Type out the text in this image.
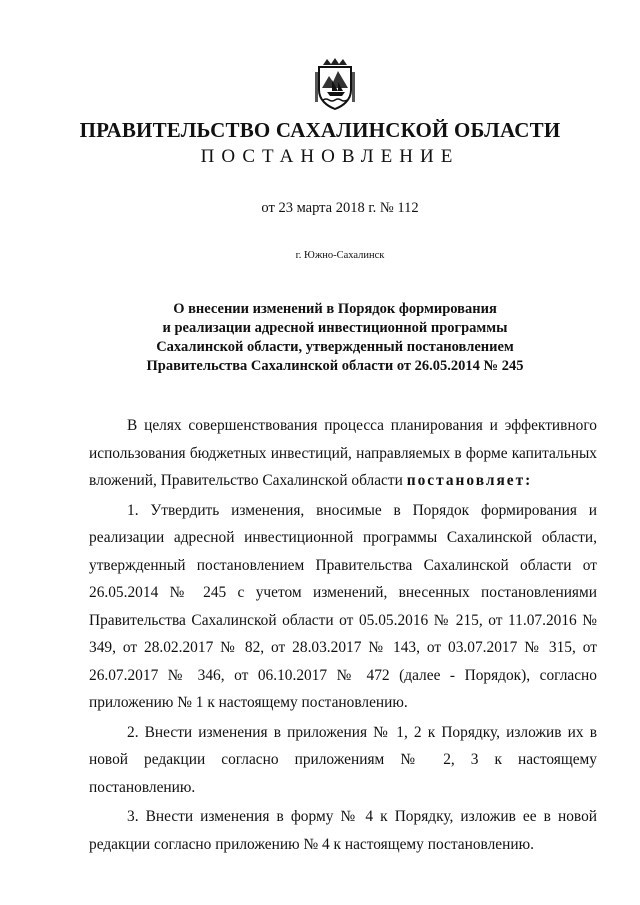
ПРАВИТЕЛЬСТВО САХАЛИНСКОЙ ОБЛАСТИ
ПОСТАНОВЛЕНИЕ
от 23 марта 2018 г. № 112
г. Южно-Сахалинск
О внесении изменений в Порядок формирования
и реализации адресной инвестиционной программы
Сахалинской области, утвержденный постановлением
Правительства Сахалинской области от 26.05.2014 № 245

В целях совершенствования процесса планирования и эффективного использования бюджетных инвестиций, направляемых в форме капитальных вложений, Правительство Сахалинской области постановляет:

1. Утвердить изменения, вносимые в Порядок формирования и реализации адресной инвестиционной программы Сахалинской области, утвержденный постановлением Правительства Сахалинской области от 26.05.2014 № 245 с учетом изменений, внесенных постановлениями Правительства Сахалинской области от 05.05.2016 № 215, от 11.07.2016 № 349, от 28.02.2017 № 82, от 28.03.2017 № 143, от 03.07.2017 № 315, от 26.07.2017 № 346, от 06.10.2017 № 472 (далее - Порядок), согласно приложению № 1 к настоящему постановлению.

2. Внести изменения в приложения № 1, 2 к Порядку, изложив их в новой редакции согласно приложениям № 2, 3 к настоящему постановлению.

3. Внести изменения в форму № 4 к Порядку, изложив ее в новой редакции согласно приложению № 4 к настоящему постановлению.
